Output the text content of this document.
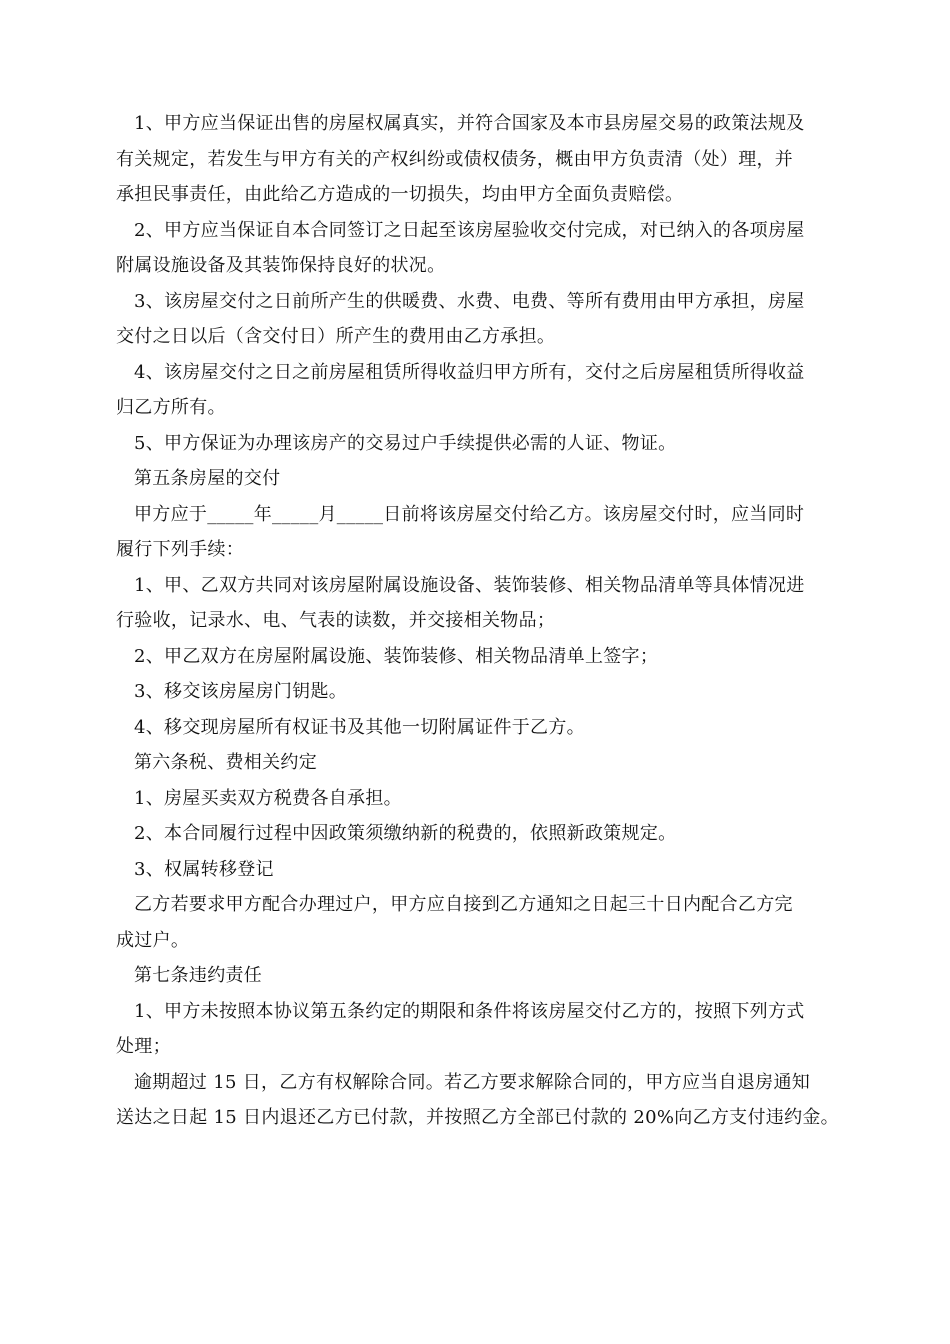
1、甲方应当保证出售的房屋权属真实，并符合国家及本市县房屋交易的政策法规及
有关规定，若发生与甲方有关的产权纠纷或债权债务，概由甲方负责清（处）理，并
承担民事责任，由此给乙方造成的一切损失，均由甲方全面负责赔偿。
2、甲方应当保证自本合同签订之日起至该房屋验收交付完成，对已纳入的各项房屋
附属设施设备及其装饰保持良好的状况。
3、该房屋交付之日前所产生的供暖费、水费、电费、等所有费用由甲方承担，房屋
交付之日以后（含交付日）所产生的费用由乙方承担。
4、该房屋交付之日之前房屋租赁所得收益归甲方所有，交付之后房屋租赁所得收益
归乙方所有。
5、甲方保证为办理该房产的交易过户手续提供必需的人证、物证。
第五条房屋的交付
甲方应于_____年_____月_____日前将该房屋交付给乙方。该房屋交付时，应当同时
履行下列手续：
1、甲、乙双方共同对该房屋附属设施设备、装饰装修、相关物品清单等具体情况进
行验收，记录水、电、气表的读数，并交接相关物品；
2、甲乙双方在房屋附属设施、装饰装修、相关物品清单上签字；
3、移交该房屋房门钥匙。
4、移交现房屋所有权证书及其他一切附属证件于乙方。
第六条税、费相关约定
1、房屋买卖双方税费各自承担。
2、本合同履行过程中因政策须缴纳新的税费的，依照新政策规定。
3、权属转移登记
乙方若要求甲方配合办理过户，甲方应自接到乙方通知之日起三十日内配合乙方完
成过户。
第七条违约责任
1、甲方未按照本协议第五条约定的期限和条件将该房屋交付乙方的，按照下列方式
处理；
逾期超过 15 日，乙方有权解除合同。若乙方要求解除合同的，甲方应当自退房通知
送达之日起 15 日内退还乙方已付款，并按照乙方全部已付款的 20%向乙方支付违约金。
